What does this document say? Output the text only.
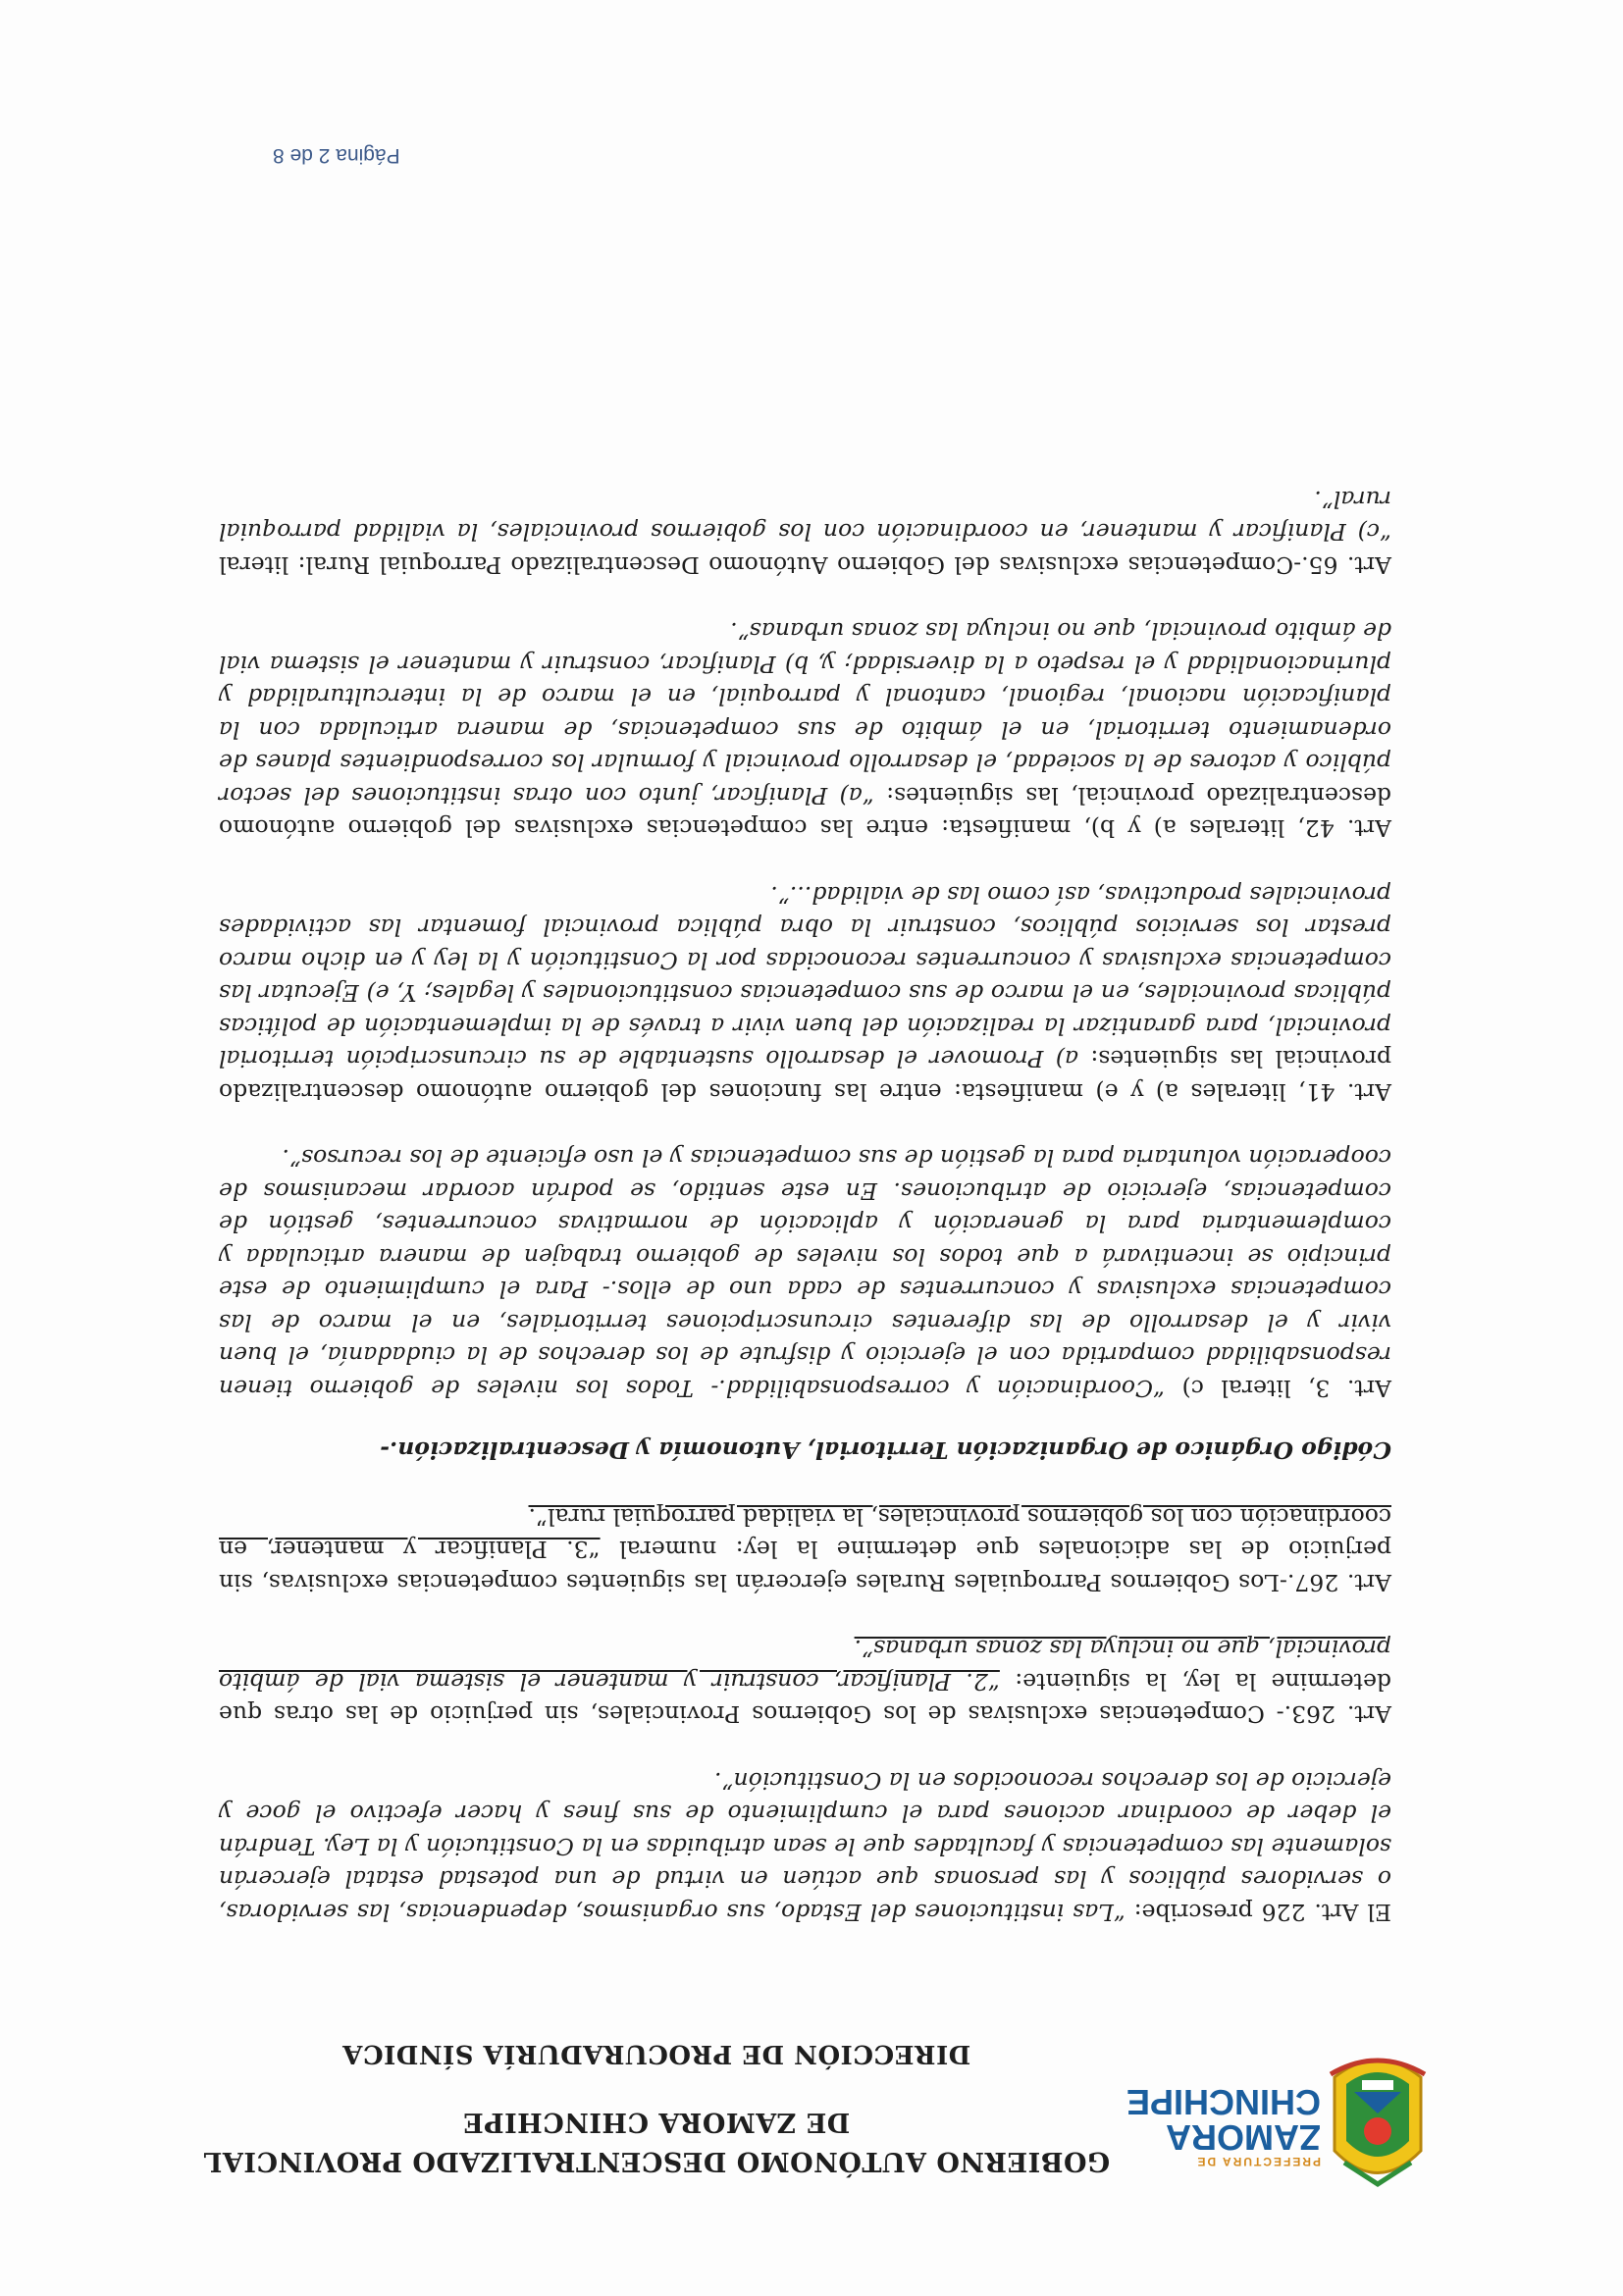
PREFECTURA DE
ZAMORA
CHINCHIPE
GOBIERNO AUTÓNOMO DESCENTRALIZADO PROVINCIAL
DE ZAMORA CHINCHIPE
DIRECCIÓN DE PROCURADURÍA SÍNDICA

El Art. 226 prescribe: “Las instituciones del Estado, sus organismos, dependencias, las servidoras, o servidores públicos y las personas que actúen en virtud de una potestad estatal ejercerán solamente las competencias y facultades que le sean atribuidas en la Constitución y la Ley. Tendrán el deber de coordinar acciones para el cumplimiento de sus fines y hacer efectivo el goce y ejercicio de los derechos reconocidos en la Constitución”.

Art. 263.- Competencias exclusivas de los Gobiernos Provinciales, sin perjuicio de las otras que determine la ley, la siguiente: “2. Planificar, construir y mantener el sistema vial de ámbito provincial, que no incluya las zonas urbanas”.

Art. 267.-Los Gobiernos Parroquiales Rurales ejercerán las siguientes competencias exclusivas, sin perjuicio de las adicionales que determine la ley: numeral “3. Planificar y mantener, en coordinación con los gobiernos provinciales, la vialidad parroquial rural”.

Código Orgánico de Organización Territorial, Autonomía y Descentralización.-

Art. 3, literal c) “Coordinación y corresponsabilidad.- Todos los niveles de gobierno tienen responsabilidad compartida con el ejercicio y disfrute de los derechos de la ciudadanía, el buen vivir y el desarrollo de las diferentes circunscripciones territoriales, en el marco de las competencias exclusivas y concurrentes de cada uno de ellos.- Para el cumplimiento de este principio se incentivará a que todos los niveles de gobierno trabajen de manera articulada y complementaria para la generación y aplicación de normativas concurrentes, gestión de competencias, ejercicio de atribuciones. En este sentido, se podrán acordar mecanismos de cooperación voluntaria para la gestión de sus competencias y el uso eficiente de los recursos”.

Art. 41, literales a) y e) manifiesta: entre las funciones del gobierno autónomo descentralizado provincial las siguientes: a) Promover el desarrollo sustentable de su circunscripción territorial provincial, para garantizar la realización del buen vivir a través de la implementación de políticas públicas provinciales, en el marco de sus competencias constitucionales y legales; Y, e) Ejecutar las competencias exclusivas y concurrentes reconocidas por la Constitución y la ley y en dicho marco prestar los servicios públicos, construir la obra pública provincial fomentar las actividades provinciales productivas, así como las de vialidad...”.

Art. 42, literales a) y b), manifiesta: entre las competencias exclusivas del gobierno autónomo descentralizado provincial, las siguientes: “a) Planificar, junto con otras instituciones del sector público y actores de la sociedad, el desarrollo provincial y formular los correspondientes planes de ordenamiento territorial, en el ámbito de sus competencias, de manera articulada con la planificación nacional, regional, cantonal y parroquial, en el marco de la interculturalidad y plurinacionalidad y el respeto a la diversidad; y, b) Planificar, construir y mantener el sistema vial de ámbito provincial, que no incluya las zonas urbanas”.

Art. 65.-Competencias exclusivas del Gobierno Autónomo Descentralizado Parroquial Rural: literal “c) Planificar y mantener, en coordinación con los gobiernos provinciales, la vialidad parroquial rural”.

Página 2 de 8
